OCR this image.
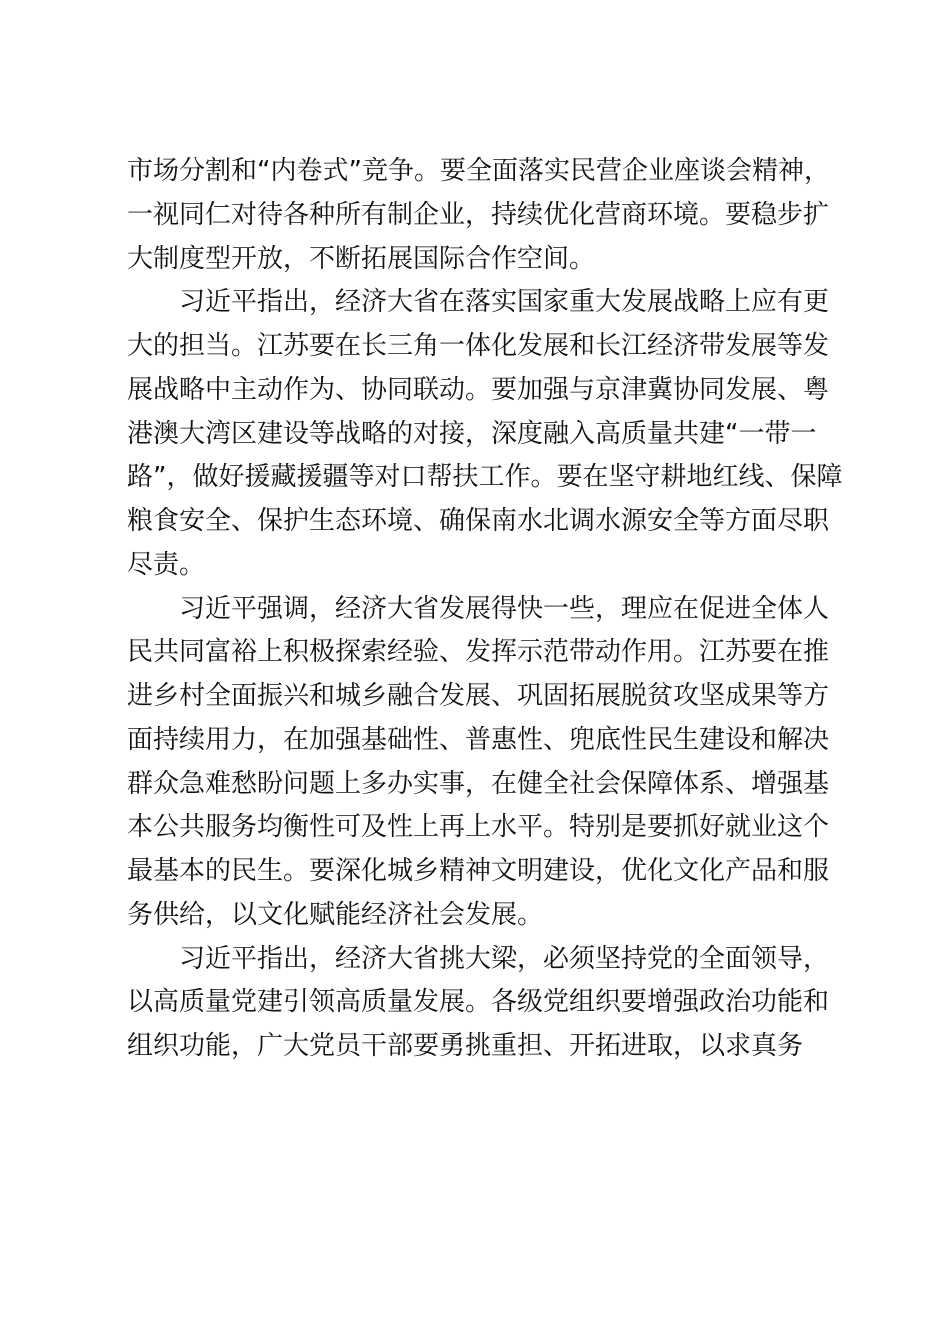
市场分割和“内卷式”竞争。要全面落实民营企业座谈会精神，
一视同仁对待各种所有制企业，持续优化营商环境。要稳步扩
大制度型开放，不断拓展国际合作空间。
习近平指出，经济大省在落实国家重大发展战略上应有更
大的担当。江苏要在长三角一体化发展和长江经济带发展等发
展战略中主动作为、协同联动。要加强与京津冀协同发展、粤
港澳大湾区建设等战略的对接，深度融入高质量共建“一带一
路”，做好援藏援疆等对口帮扶工作。要在坚守耕地红线、保障
粮食安全、保护生态环境、确保南水北调水源安全等方面尽职
尽责。
习近平强调，经济大省发展得快一些，理应在促进全体人
民共同富裕上积极探索经验、发挥示范带动作用。江苏要在推
进乡村全面振兴和城乡融合发展、巩固拓展脱贫攻坚成果等方
面持续用力，在加强基础性、普惠性、兜底性民生建设和解决
群众急难愁盼问题上多办实事，在健全社会保障体系、增强基
本公共服务均衡性可及性上再上水平。特别是要抓好就业这个
最基本的民生。要深化城乡精神文明建设，优化文化产品和服
务供给，以文化赋能经济社会发展。
习近平指出，经济大省挑大梁，必须坚持党的全面领导，
以高质量党建引领高质量发展。各级党组织要增强政治功能和
组织功能，广大党员干部要勇挑重担、开拓进取，以求真务
